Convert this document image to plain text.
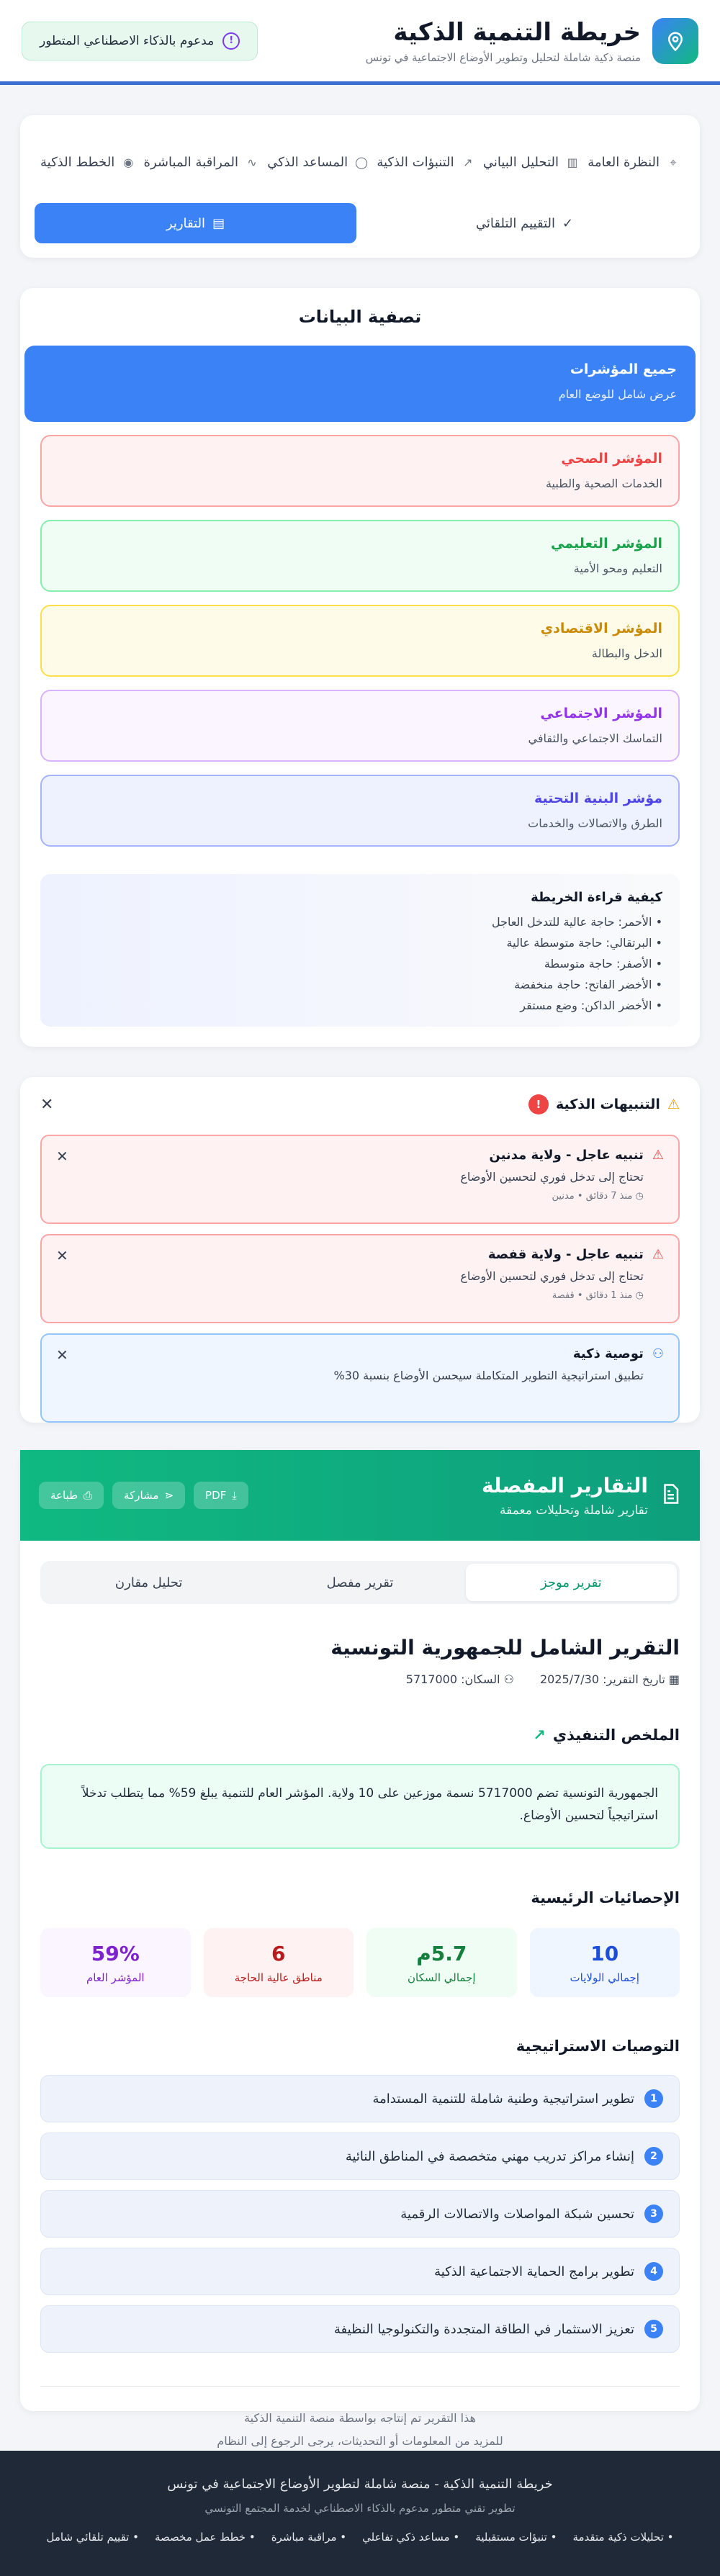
خريطة التنمية الذكية
منصة ذكية شاملة لتحليل وتطوير الأوضاع الاجتماعية في تونس
!
مدعوم بالذكاء الاصطناعي المتطور
⌖
النظرة العامة
▥
التحليل البياني
↗
التنبؤات الذكية
◯
المساعد الذكي
∿
المراقبة المباشرة
◉
الخطط الذكية
✓
التقييم التلقائي
▤
التقارير
تصفية البيانات
جميع المؤشرات
عرض شامل للوضع العام
المؤشر الصحي
الخدمات الصحية والطبية
المؤشر التعليمي
التعليم ومحو الأمية
المؤشر الاقتصادي
الدخل والبطالة
المؤشر الاجتماعي
التماسك الاجتماعي والثقافي
مؤشر البنية التحتية
الطرق والاتصالات والخدمات
كيفية قراءة الخريطة
• الأحمر: حاجة عالية للتدخل العاجل
• البرتقالي: حاجة متوسطة عالية
• الأصفر: حاجة متوسطة
• الأخضر الفاتح: حاجة منخفضة
• الأخضر الداكن: وضع مستقر
⚠
التنبيهات الذكية
!
✕
⚠
تنبيه عاجل - ولاية مدنين
تحتاج إلى تدخل فوري لتحسين الأوضاع
◷ منذ 7 دقائق • مدنين
✕
⚠
تنبيه عاجل - ولاية قفصة
تحتاج إلى تدخل فوري لتحسين الأوضاع
◷ منذ 1 دقائق • قفصة
✕
⚇
توصية ذكية
تطبيق استراتيجية التطوير المتكاملة سيحسن الأوضاع بنسبة 30%
✕
التقارير المفصلة
تقارير شاملة وتحليلات معمقة
⤓
PDF
⋖
مشاركة
⎙
طباعة
تقرير موجز
تقرير مفصل
تحليل مقارن
التقرير الشامل للجمهورية التونسية
▦ تاريخ التقرير: 2025/7/30
⚇ السكان: 5717000
الملخص التنفيذي
↗
الجمهورية التونسية تضم 5717000 نسمة موزعين على 10 ولاية. المؤشر العام للتنمية يبلغ 59% مما يتطلب تدخلاً استراتيجياً لتحسين الأوضاع.
الإحصائيات الرئيسية
10
إجمالي الولايات
5.7م
إجمالي السكان
6
مناطق عالية الحاجة
59%
المؤشر العام
التوصيات الاستراتيجية
1
تطوير استراتيجية وطنية شاملة للتنمية المستدامة
2
إنشاء مراكز تدريب مهني متخصصة في المناطق النائية
3
تحسين شبكة المواصلات والاتصالات الرقمية
4
تطوير برامج الحماية الاجتماعية الذكية
5
تعزيز الاستثمار في الطاقة المتجددة والتكنولوجيا النظيفة
هذا التقرير تم إنتاجه بواسطة منصة التنمية الذكية
للمزيد من المعلومات أو التحديثات، يرجى الرجوع إلى النظام
خريطة التنمية الذكية - منصة شاملة لتطوير الأوضاع الاجتماعية في تونس
تطوير تقني متطور مدعوم بالذكاء الاصطناعي لخدمة المجتمع التونسي
• تحليلات ذكية متقدمة
• تنبؤات مستقبلية
• مساعد ذكي تفاعلي
• مراقبة مباشرة
• خطط عمل مخصصة
• تقييم تلقائي شامل
